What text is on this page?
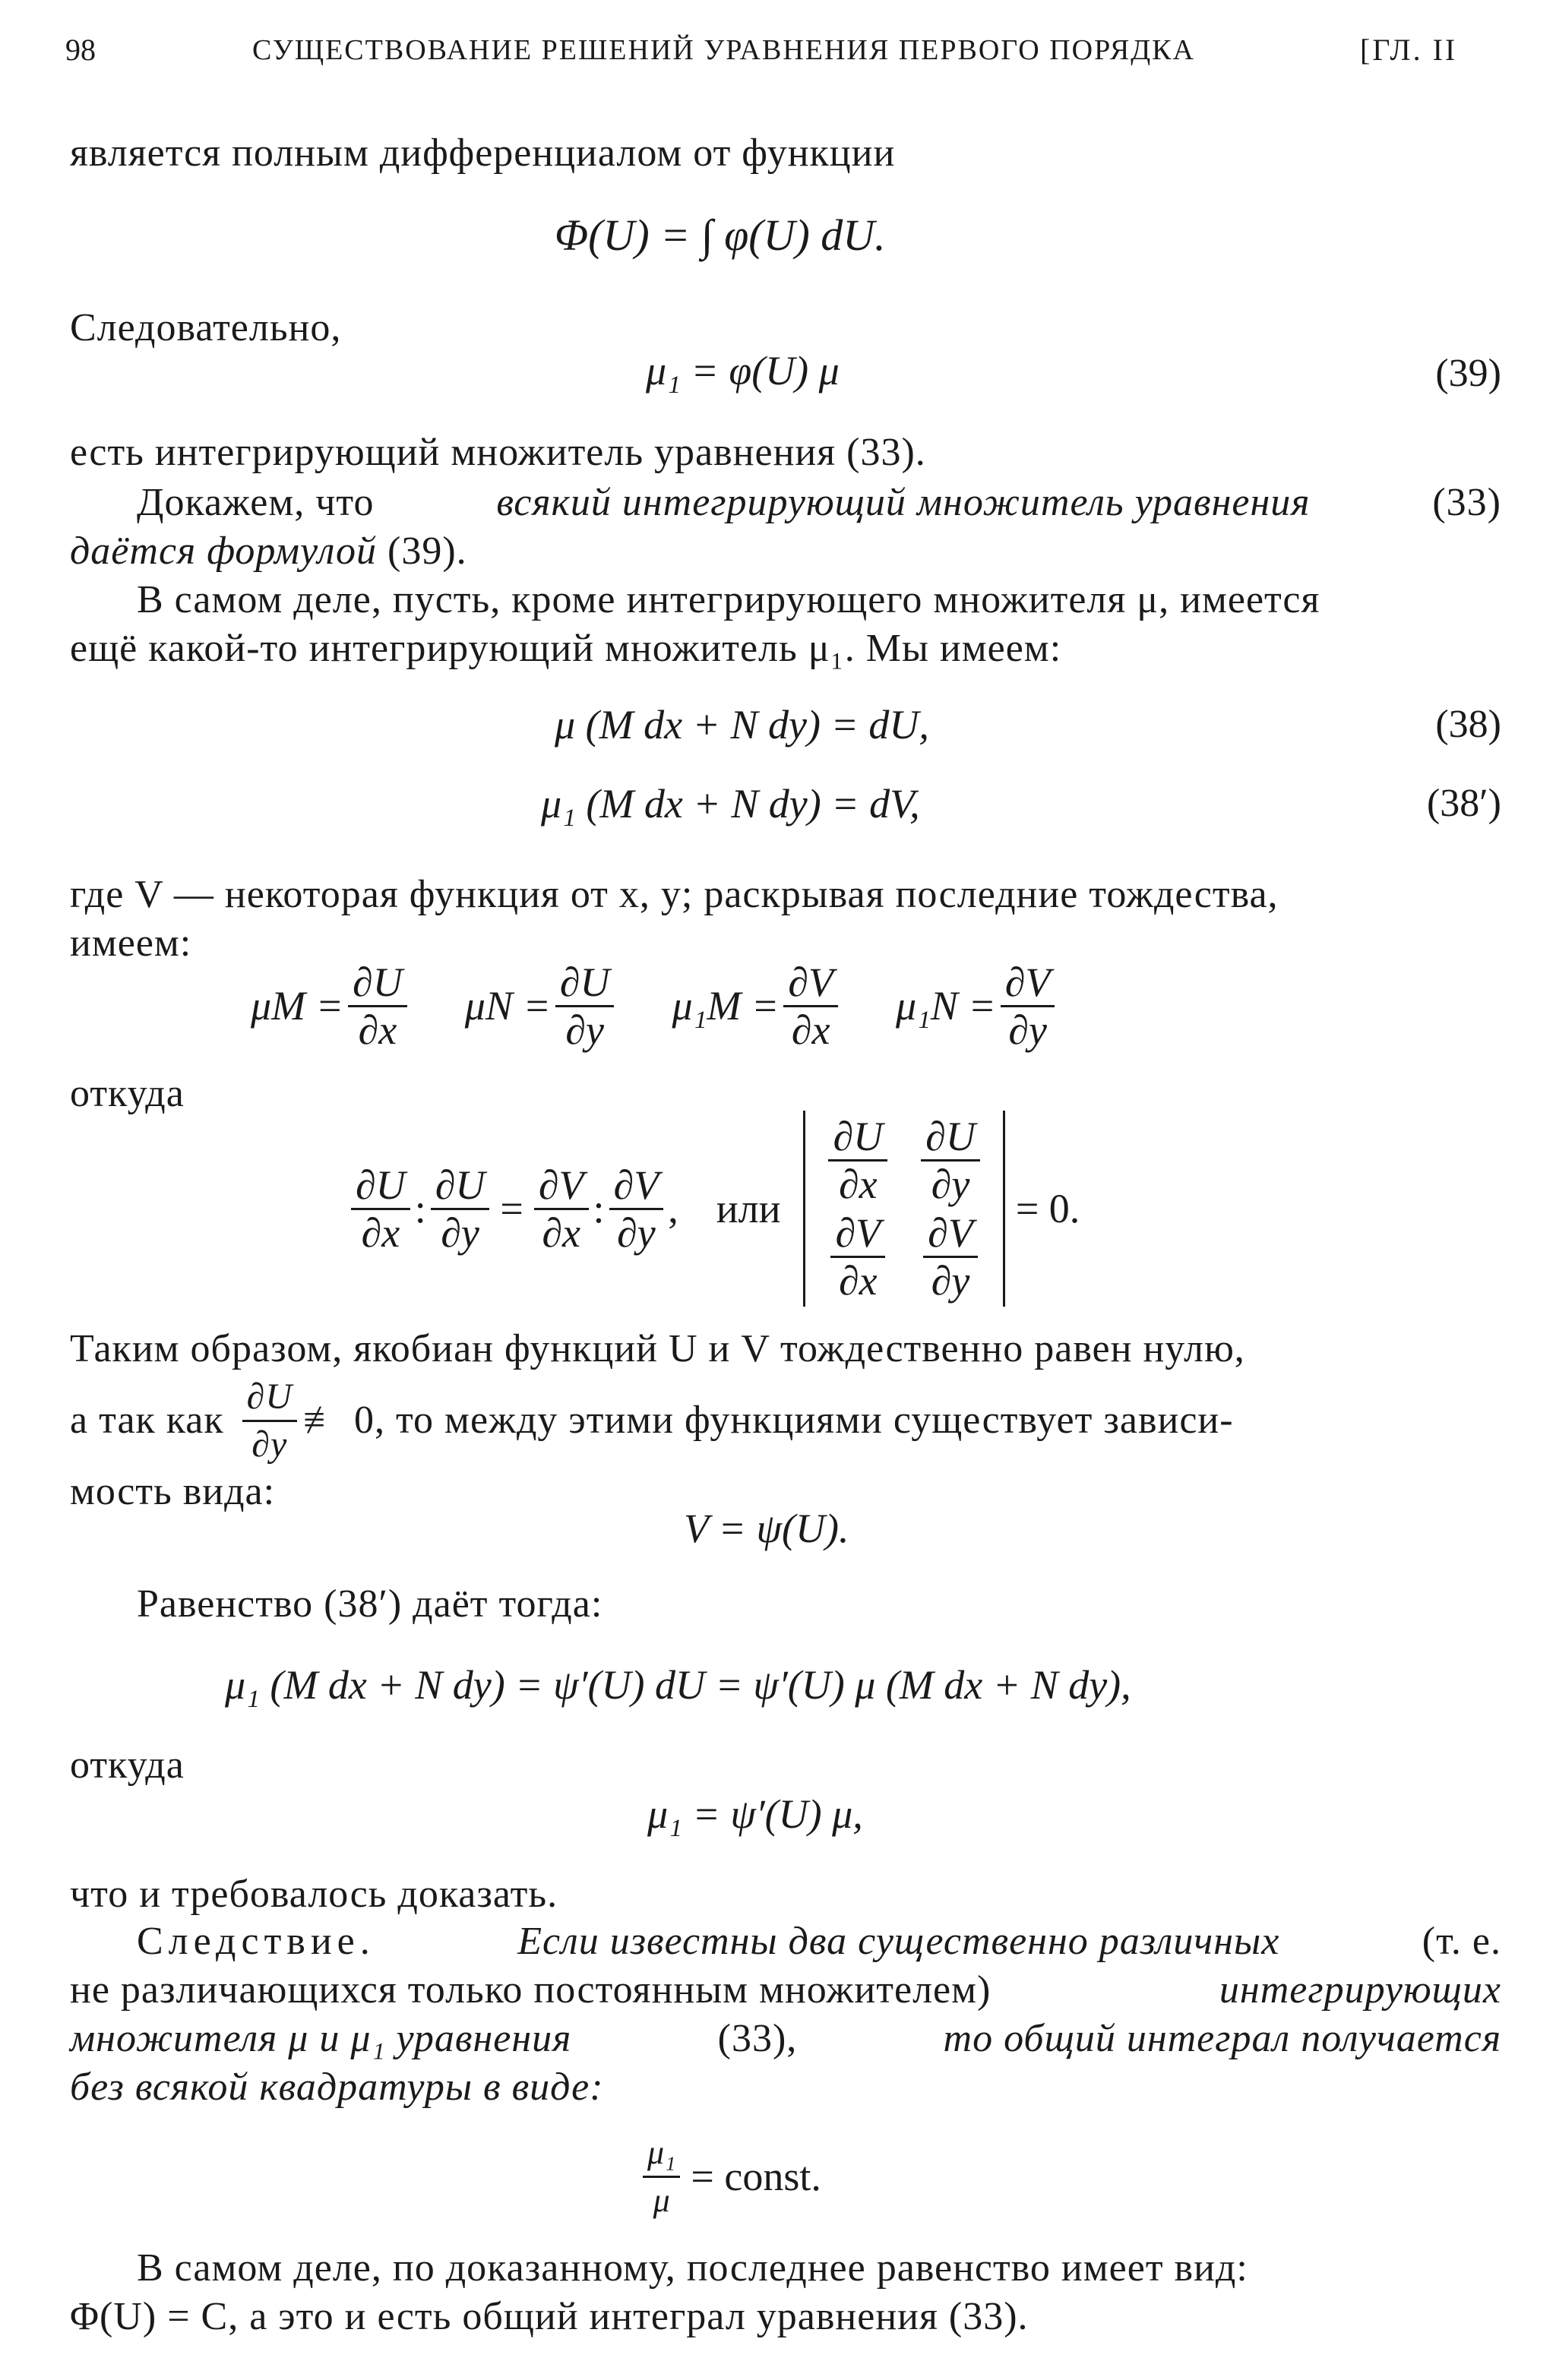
98	СУЩЕСТВОВАНИЕ РЕШЕНИЙ УРАВНЕНИЯ ПЕРВОГО ПОРЯДКА	[ГЛ. II
является полным дифференциалом от функции
Φ(U) = ∫ φ(U) dU.
Следовательно,
μ₁ = φ(U) μ	(39)
есть интегрирующий множитель уравнения (33).
Докажем, что	всякий интегрирующий множитель уравнения	(33)
даётся формулой (39).
В самом деле, пусть, кроме интегрирующего множителя μ, имеется
ещё какой-то интегрирующий множитель μ₁. Мы имеем:
μ (M dx + N dy) = dU,	(38)
μ₁ (M dx + N dy) = dV,	(38′)
где V — некоторая функция от x, y; раскрывая последние тождества,
имеем:
$\mu M = \frac{\partial U}{\partial x}$ $\mu N = \frac{\partial U}{\partial y} \mu_1M = \frac{\partial V}{\partial x} \mu_1N = \frac{\partial V}{\partial y}$
откуда
$\frac{\partial U}{\partial x}$ : $\frac{\partial U}{\partial y} = \frac{\partial V}{\partial x}$ : $\frac{\partial V}{\partial y}$ , или
$\frac{\partial U}{\partial x} \frac{\partial U}{\partial y}$
$\frac{\partial V}{\partial x} \frac{\partial V}{\partial y}$
= 0.
Таким образом, якобиан функций U и V тождественно равен нулю,
а так как $\frac{\partial U}{\partial y}$ ≢ 0, то между этими функциями существует зависи-
мость вида:
V = ψ(U).
Равенство (38′) даёт тогда:
μ₁ (M dx + N dy) = ψ′(U) dU = ψ′(U) μ (M dx + N dy),
откуда
μ₁ = ψ′(U) μ,
что и требовалось доказать.
Следствие.	Если известны два существенно различных	(т. е.
не различающихся только постоянным множителем)	интегрирующих
множителя μ и μ₁ уравнения	(33),	то общий интеграл получается
без всякой квадратуры в виде:
$\frac{\text{μ₁}}{\mu}$ = const.
В самом деле, по доказанному, последнее равенство имеет вид:
Φ(U) = C, а это и есть общий интеграл уравнения (33).
